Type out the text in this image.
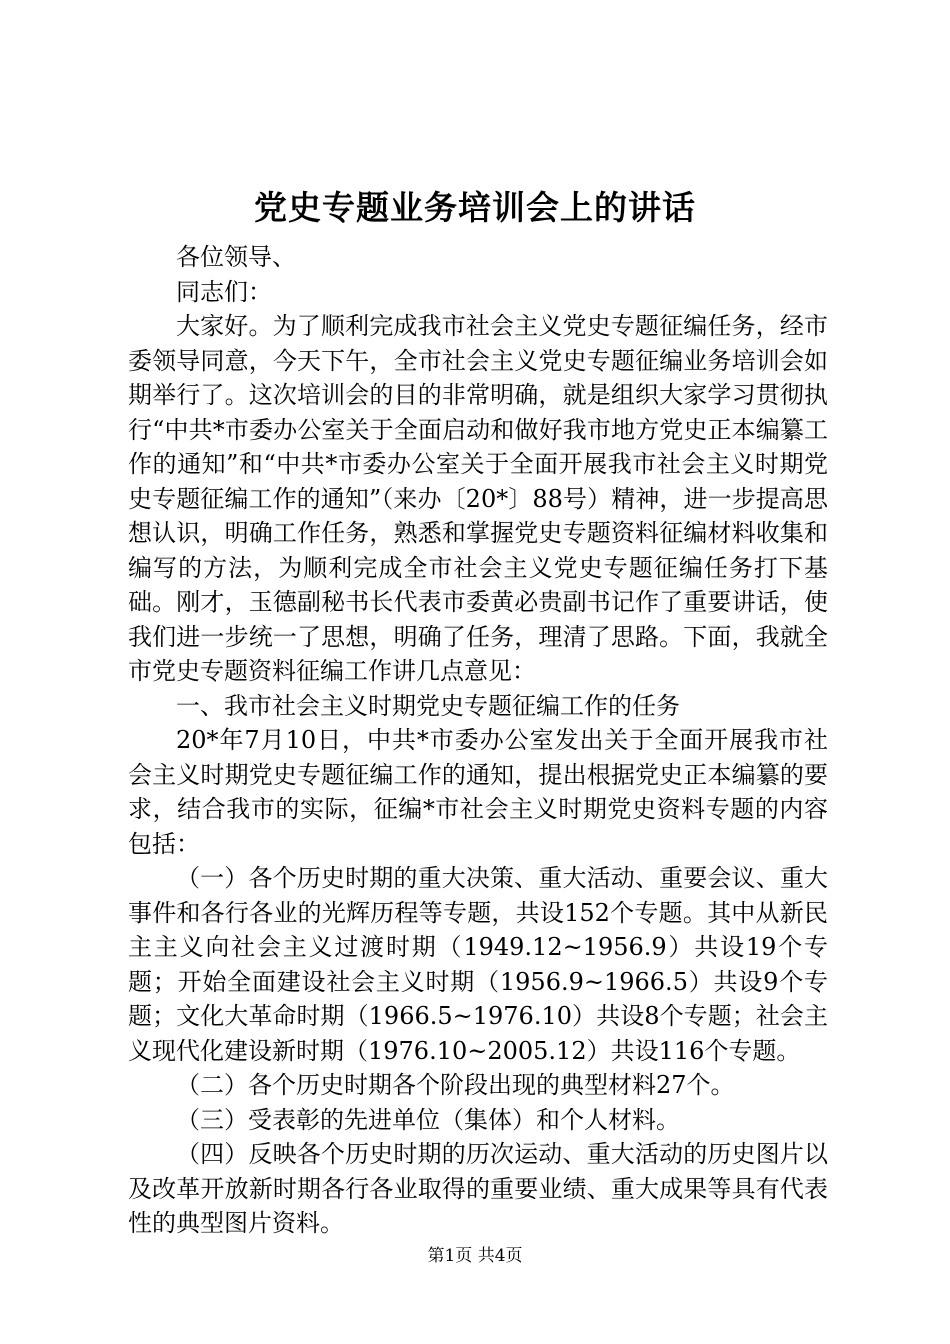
党史专题业务培训会上的讲话

各位领导、

同志们：

大家好。为了顺利完成我市社会主义党史专题征编任务，经市委领导同意，今天下午，全市社会主义党史专题征编业务培训会如期举行了。这次培训会的目的非常明确，就是组织大家学习贯彻执行“中共*市委办公室关于全面启动和做好我市地方党史正本编纂工作的通知”和“中共*市委办公室关于全面开展我市社会主义时期党史专题征编工作的通知”（来办〔20*〕88号）精神，进一步提高思想认识，明确工作任务，熟悉和掌握党史专题资料征编材料收集和编写的方法，为顺利完成全市社会主义党史专题征编任务打下基础。刚才，玉德副秘书长代表市委黄必贵副书记作了重要讲话，使我们进一步统一了思想，明确了任务，理清了思路。下面，我就全市党史专题资料征编工作讲几点意见：

一、我市社会主义时期党史专题征编工作的任务

20*年7月10日，中共*市委办公室发出关于全面开展我市社会主义时期党史专题征编工作的通知，提出根据党史正本编纂的要求，结合我市的实际，征编*市社会主义时期党史资料专题的内容包括：

（一）各个历史时期的重大决策、重大活动、重要会议、重大事件和各行各业的光辉历程等专题，共设152个专题。其中从新民主主义向社会主义过渡时期（1949.12~1956.9）共设19个专题；开始全面建设社会主义时期（1956.9~1966.5）共设9个专题；文化大革命时期（1966.5~1976.10）共设8个专题；社会主义现代化建设新时期（1976.10~2005.12）共设116个专题。

（二）各个历史时期各个阶段出现的典型材料27个。

（三）受表彰的先进单位（集体）和个人材料。

（四）反映各个历史时期的历次运动、重大活动的历史图片以及改革开放新时期各行各业取得的重要业绩、重大成果等具有代表性的典型图片资料。

第1页 共4页
